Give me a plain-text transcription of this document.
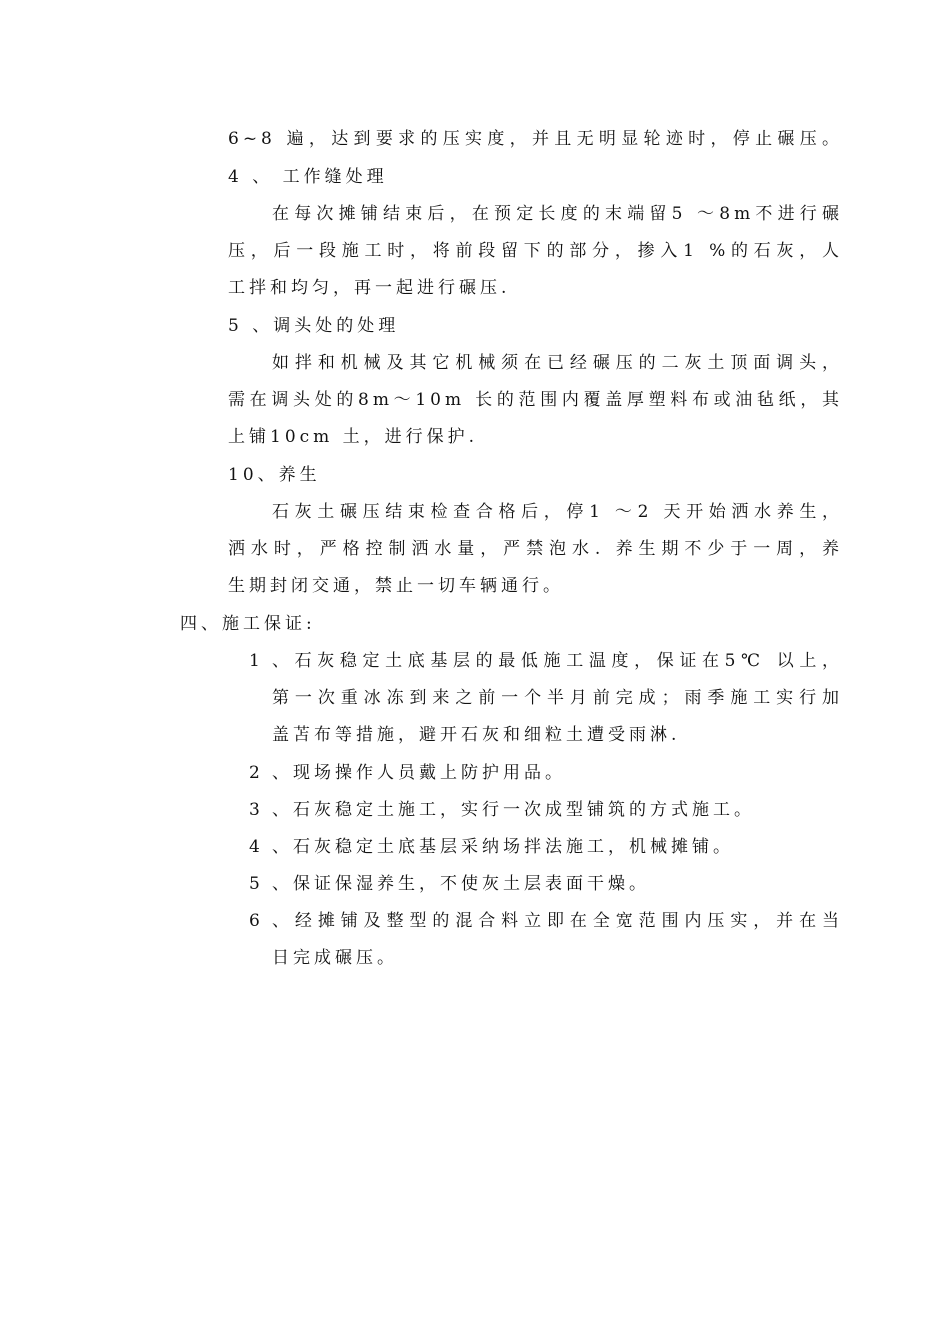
6~8 遍，达到要求的压实度，并且无明显轮迹时，停止碾压。
4 、 工作缝处理
在每次摊铺结束后，在预定长度的末端留5 ～8m不进行碾
压，后一段施工时，将前段留下的部分，掺入1 %的石灰，人
工拌和均匀，再一起进行碾压.
5 、调头处的处理
如拌和机械及其它机械须在已经碾压的二灰土顶面调头，
需在调头处的8m～10m 长的范围内覆盖厚塑料布或油毡纸，其
上铺10cm 土，进行保护.
10、养生
石灰土碾压结束检查合格后，停1 ～2 天开始洒水养生，
洒水时，严格控制洒水量，严禁泡水. 养生期不少于一周，养
生期封闭交通，禁止一切车辆通行。
四、施工保证:
1 、石灰稳定土底基层的最低施工温度，保证在5℃ 以上，
第一次重冰冻到来之前一个半月前完成；雨季施工实行加
盖苫布等措施，避开石灰和细粒土遭受雨淋.
2 、现场操作人员戴上防护用品。
3 、石灰稳定土施工，实行一次成型铺筑的方式施工。
4 、石灰稳定土底基层采纳场拌法施工，机械摊铺。
5 、保证保湿养生，不使灰土层表面干燥。
6 、经摊铺及整型的混合料立即在全宽范围内压实，并在当
日完成碾压。
